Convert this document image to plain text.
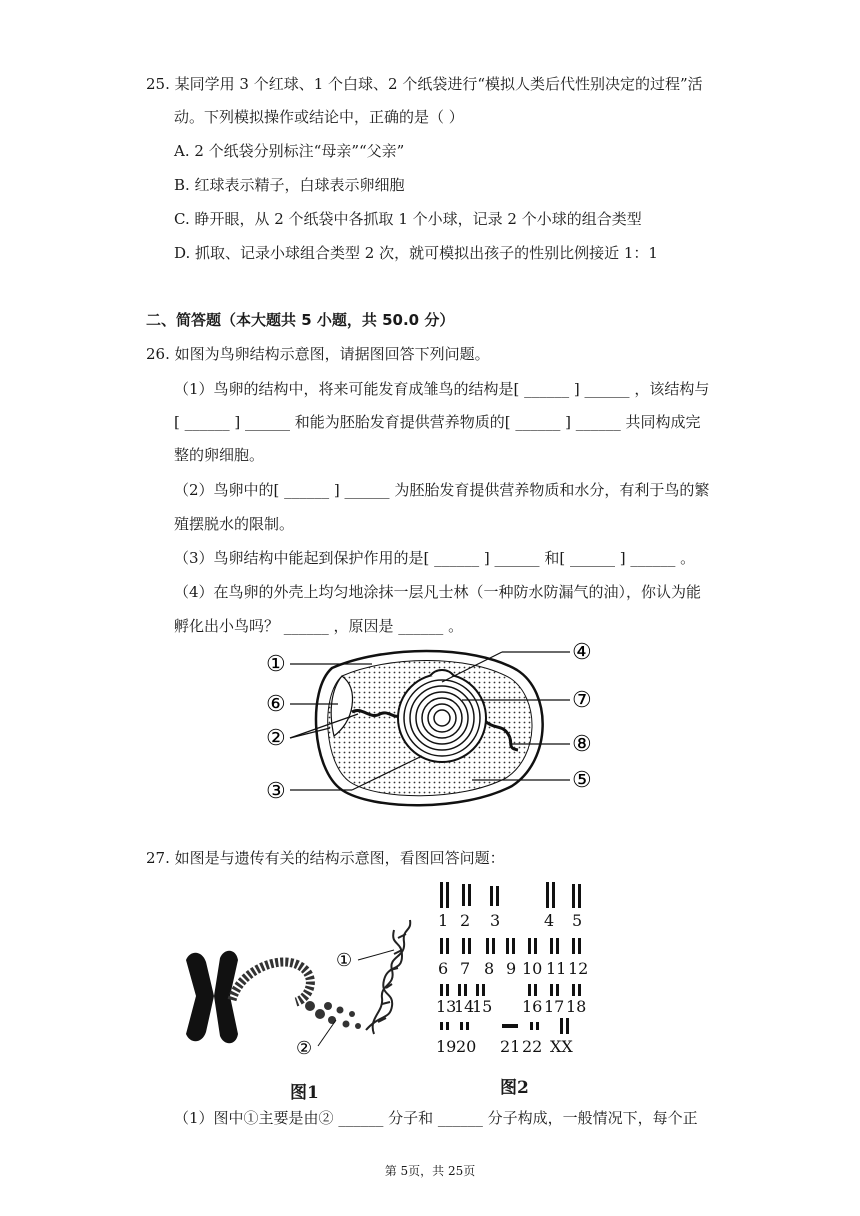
25. 某同学用 3 个红球、1 个白球、2 个纸袋进行“模拟人类后代性别决定的过程”活
动。下列模拟操作或结论中，正确的是（ ）
A. 2 个纸袋分别标注“母亲”“父亲”
B. 红球表示精子，白球表示卵细胞
C. 睁开眼，从 2 个纸袋中各抓取 1 个小球，记录 2 个小球的组合类型
D. 抓取、记录小球组合类型 2 次，就可模拟出孩子的性别比例接近 1：1
二、简答题（本大题共 5 小题，共 50.0 分）
26. 如图为鸟卵结构示意图，请据图回答下列问题。
（1）鸟卵的结构中，将来可能发育成雏鸟的结构是[ ______ ] ______ ，该结构与
[ ______ ] ______ 和能为胚胎发育提供营养物质的[ ______ ] ______ 共同构成完
整的卵细胞。
（2）鸟卵中的[ ______ ] ______ 为胚胎发育提供营养物质和水分，有利于鸟的繁
殖摆脱水的限制。
（3）鸟卵结构中能起到保护作用的是[ ______ ] ______ 和[ ______ ] ______ 。
（4）在鸟卵的外壳上均匀地涂抹一层凡士林（一种防水防漏气的油），你认为能
孵化出小鸟吗？ ______ ，原因是 ______ 。
①
⑥
②
③
④
⑦
⑧
⑤
27. 如图是与遗传有关的结构示意图，看图回答问题：
①
②
图1
1 2 3	4 5
6 7 8 9 10 11 12
13
14
15 16 17 18
19 20 21 22 XX
图2
（1）图中①主要是由② ______ 分子和 ______ 分子构成，一般情况下，每个正
第 5页，共 25页
